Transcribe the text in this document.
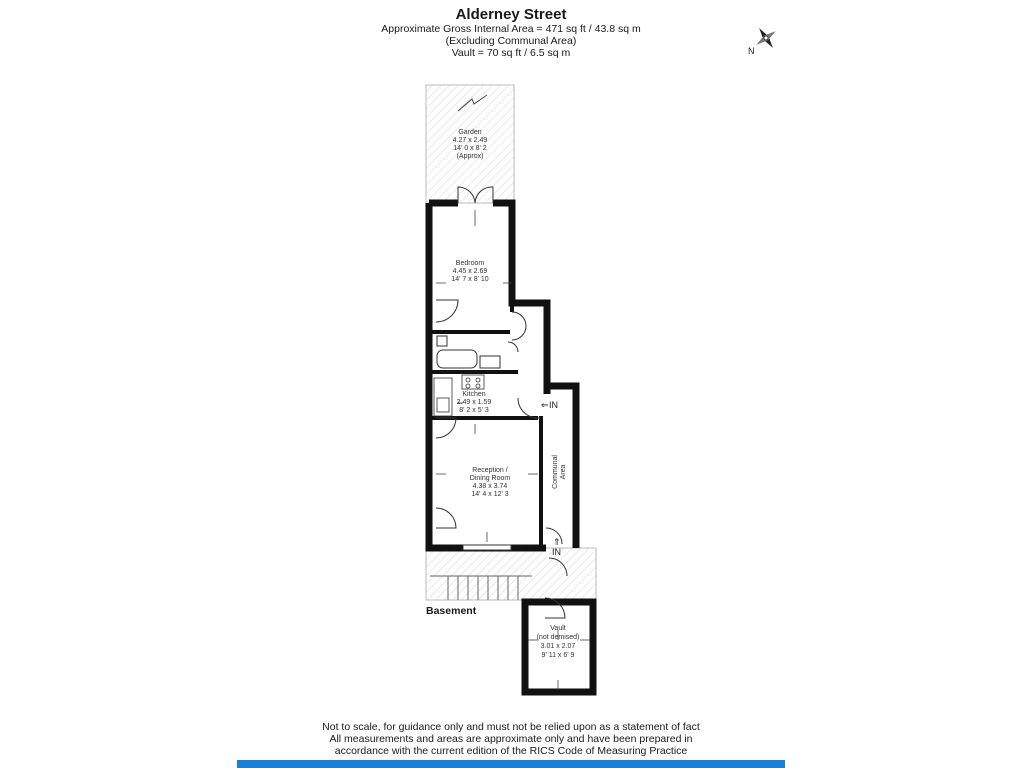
Alderney Street
Approximate Gross Internal Area = 471 sq ft / 43.8 sq m
(Excluding Communal Area)
Vault = 70 sq ft / 6.5 sq m	N
Garden
4.27 x 2.49
14' 0 x 8' 2
(Approx)
Bedroom
4.45 x 2.69
14' 7 x 8' 10
Kitchen
2.49 x 1.59
8' 2 x 5' 3
Reception /
Dining Room
4.38 x 3.74
14' 4 x 12' 3
Communal Area
Vault
(not demised)
3.01 x 2.07
9' 11 x 6' 9
⇐ IN
⇑
IN
Basement
Not to scale, for guidance only and must not be relied upon as a statement of fact
All measurements and areas are approximate only and have been prepared in
accordance with the current edition of the RICS Code of Measuring Practice
